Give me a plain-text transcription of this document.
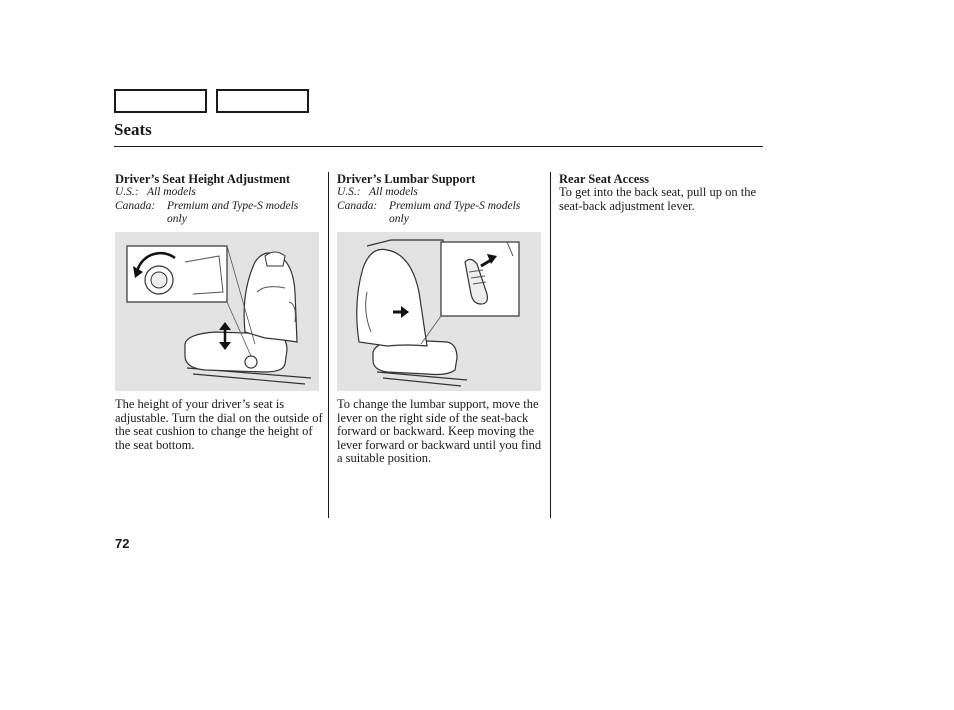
Seats

Driver’s Seat Height Adjustment

U.S.: All models
Canada:	Premium and Type-S models only

The height of your driver’s seat is adjustable. Turn the dial on the outside of the seat cushion to change the height of the seat bottom.

Driver’s Lumbar Support

U.S.: All models
Canada:	Premium and Type-S models only

To change the lumbar support, move the lever on the right side of the seat-back forward or backward. Keep moving the lever forward or backward until you find a suitable position.

Rear Seat Access

To get into the back seat, pull up on the seat-back adjustment lever.

72
